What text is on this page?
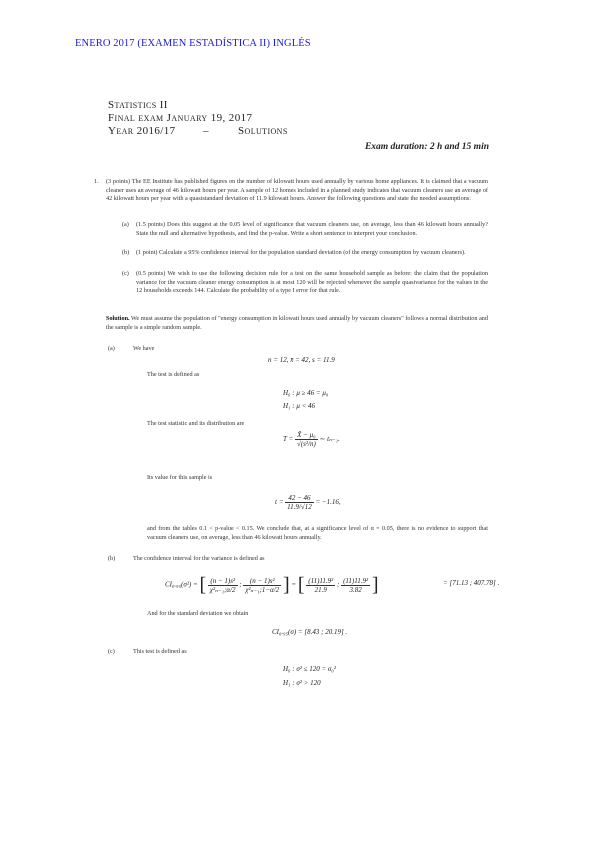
ENERO 2017 (EXAMEN ESTADÍSTICA II) INGLÉS
Statistics II
Final exam January 19, 2017
Year 2016/17 –	Solutions
Exam duration: 2 h and 15 min
1. (3 points) The EE Institute has published figures on the number of kilowatt hours used annually by various home appliances. It is claimed that a vacuum cleaner uses an average of 46 kilowatt hours per year. A sample of 12 homes included in a planned study indicates that vacuum cleaners use an average of 42 kilowatt hours per year with a quasistandard deviation of 11.9 kilowatt hours. Answer the following questions and state the needed assumptions:
(a) (1.5 points) Does this suggest at the 0.05 level of significance that vacuum cleaners use, on average, less than 46 kilowatt hours annually? State the null and alternative hypothesis, and find the p-value. Write a short sentence to interpret your conclusion.
(b) (1 point) Calculate a 95% confidence interval for the population standard deviation (of the energy consumption by vacuum cleaners).
(c) (0.5 points) We wish to use the following decision rule for a test on the same household sample as before: the claim that the population variance for the vacuum cleaner energy consumption is at most 120 will be rejected whenever the sample quasivariance for the values in the 12 households exceeds 144. Calculate the probability of a type I error for that rule.
Solution. We must assume the population of "energy consumption in kilowatt hours used annually by vacuum cleaners" follows a normal distribution and the sample is a simple random sample.
(a)	We have
n = 12, x̄ = 42, s = 11.9
The test is defined as
H₀ : μ ≥ 46 = μ₀
H₁ : μ < 46
The test statistic and its distribution are
$T = \frac{\text{X̄ − μ₀}}{\text{√(s²/n)}}$ ∼ tₙ₋₁.
Its value for this sample is
$t = \frac{42 - 46}{11.9/√12} = -1.16$,
and from the tables 0.1 < p-value < 0.15. We conclude that, at a significance level of α = 0.05, there is no evidence to support that vacuum cleaners use, on average, less than 46 kilowatt hours annually.
(b)	The confidence interval for the variance is defined as
CI₀.₉₅(σ²) = [ $\frac{\text{(n − 1)s²}}{\text{χ²ₙ₋₁;α/2}}$ ; $\frac{\text{(n − 1)s²}}{\text{χ²ₙ₋₁;1−α/2}}$ ] = [ $\frac{\text{(11)11.9²}}{21.9}$ ; $\frac{\text{(11)11.9²}}{3.82}$ ]	= [71.13 ; 407.78] .
And for the standard deviation we obtain
CI₀.₉₅(σ) = [8.43 ; 20.19] .
(c)	This test is defined as
H₀ : σ² ≤ 120 = σ₀²
H₁ : σ² > 120
